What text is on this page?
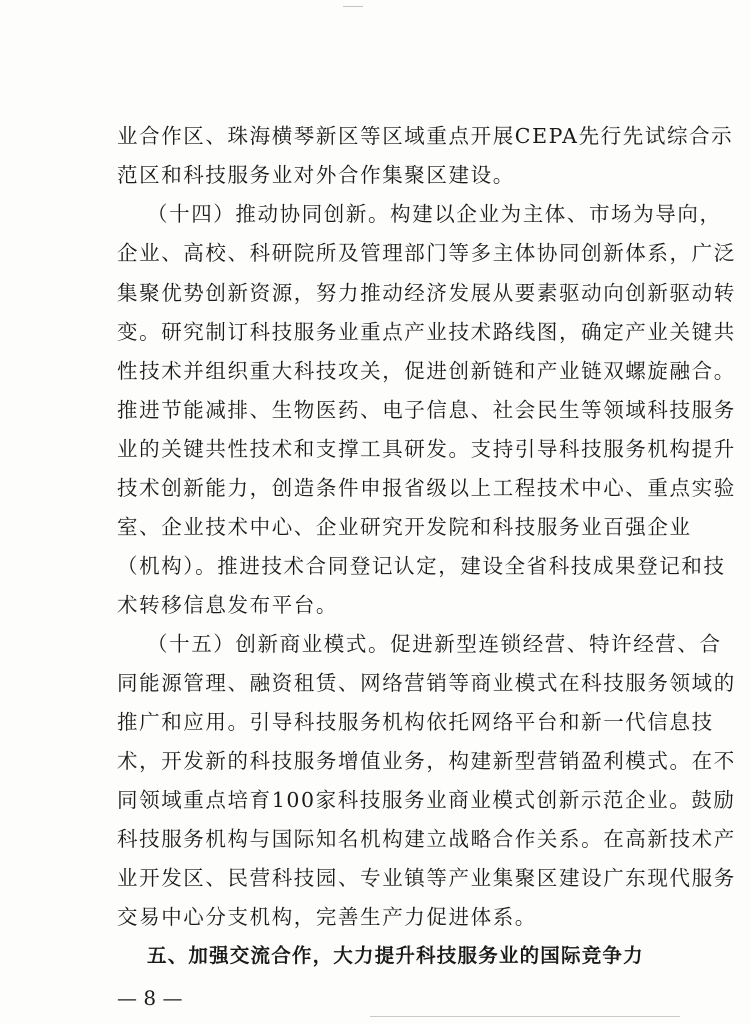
业合作区、珠海横琴新区等区域重点开展CEPA先行先试综合示
范区和科技服务业对外合作集聚区建设。
（十四）推动协同创新。构建以企业为主体、市场为导向，
企业、高校、科研院所及管理部门等多主体协同创新体系，广泛
集聚优势创新资源，努力推动经济发展从要素驱动向创新驱动转
变。研究制订科技服务业重点产业技术路线图，确定产业关键共
性技术并组织重大科技攻关，促进创新链和产业链双螺旋融合。
推进节能减排、生物医药、电子信息、社会民生等领域科技服务
业的关键共性技术和支撑工具研发。支持引导科技服务机构提升
技术创新能力，创造条件申报省级以上工程技术中心、重点实验
室、企业技术中心、企业研究开发院和科技服务业百强企业
（机构）。推进技术合同登记认定，建设全省科技成果登记和技
术转移信息发布平台。
（十五）创新商业模式。促进新型连锁经营、特许经营、合
同能源管理、融资租赁、网络营销等商业模式在科技服务领域的
推广和应用。引导科技服务机构依托网络平台和新一代信息技
术，开发新的科技服务增值业务，构建新型营销盈利模式。在不
同领域重点培育100家科技服务业商业模式创新示范企业。鼓励
科技服务机构与国际知名机构建立战略合作关系。在高新技术产
业开发区、民营科技园、专业镇等产业集聚区建设广东现代服务
交易中心分支机构，完善生产力促进体系。
五、加强交流合作，大力提升科技服务业的国际竞争力
— 8 —
